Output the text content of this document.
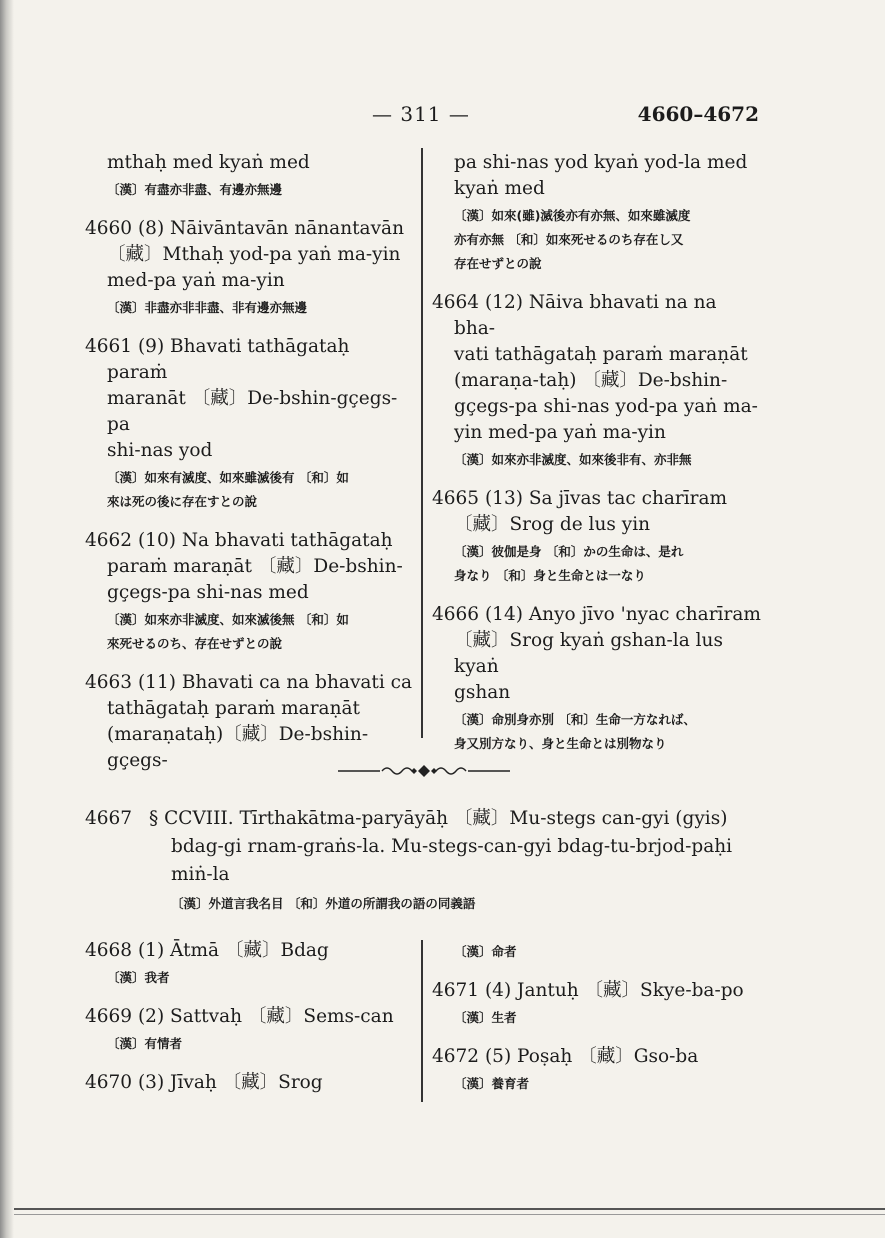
— 311 —	4660–4672
mthaḥ med kyaṅ med
〔漢〕有盡亦非盡、有邊亦無邊
4660 (8) Nāivāntavān nānantavān
〔藏〕Mthaḥ yod-pa yaṅ ma-yin
med-pa yaṅ ma-yin
〔漢〕非盡亦非非盡、非有邊亦無邊
4661 (9) Bhavati tathāgataḥ paraṁ
maranāt 〔藏〕De-bshin-gçegs-pa
shi-nas yod
〔漢〕如來有滅度、如來雖滅後有 〔和〕如
來は死の後に存在すとの說
4662 (10) Na bhavati tathāgataḥ
paraṁ maraṇāt 〔藏〕De-bshin-
gçegs-pa shi-nas med
〔漢〕如來亦非滅度、如來滅後無 〔和〕如
來死せるのち、存在せずとの說
4663 (11) Bhavati ca na bhavati ca
tathāgataḥ paraṁ maraṇāt
(maraṇataḥ)〔藏〕De-bshin-gçegs-
pa shi-nas yod kyaṅ yod-la med
kyaṅ med
〔漢〕如來(雖)滅後亦有亦無、如來雖滅度
亦有亦無 〔和〕如來死せるのち存在し又
存在せずとの說
4664 (12) Nāiva bhavati na na bha-
vati tathāgataḥ paraṁ maraṇāt
(maraṇa-taḥ) 〔藏〕De-bshin-
gçegs-pa shi-nas yod-pa yaṅ ma-
yin med-pa yaṅ ma-yin
〔漢〕如來亦非滅度、如來後非有、亦非無
4665 (13) Sa jīvas tac charīram
〔藏〕Srog de lus yin
〔漢〕彼伽是身 〔和〕かの生命は、是れ
身なり 〔和〕身と生命とは一なり
4666 (14) Anyo jīvo 'nyac charīram
〔藏〕Srog kyaṅ gshan-la lus kyaṅ
gshan
〔漢〕命別身亦別 〔和〕生命一方なれば、
身又別方なり、身と生命とは別物なり
4667 § CCVIII. Tīrthakātma-paryāyāḥ 〔藏〕Mu-stegs can-gyi (gyis)
bdag-gi rnam-graṅs-la. Mu-stegs-can-gyi bdag-tu-brjod-paḥi
miṅ-la
〔漢〕外道言我名目 〔和〕外道の所謂我の語の同義語
4668 (1) Ātmā 〔藏〕Bdag
〔漢〕我者
4669 (2) Sattvaḥ 〔藏〕Sems-can
〔漢〕有情者
4670 (3) Jīvaḥ 〔藏〕Srog
〔漢〕命者
4671 (4) Jantuḥ 〔藏〕Skye-ba-po
〔漢〕生者
4672 (5) Poṣaḥ 〔藏〕Gso-ba
〔漢〕養育者
